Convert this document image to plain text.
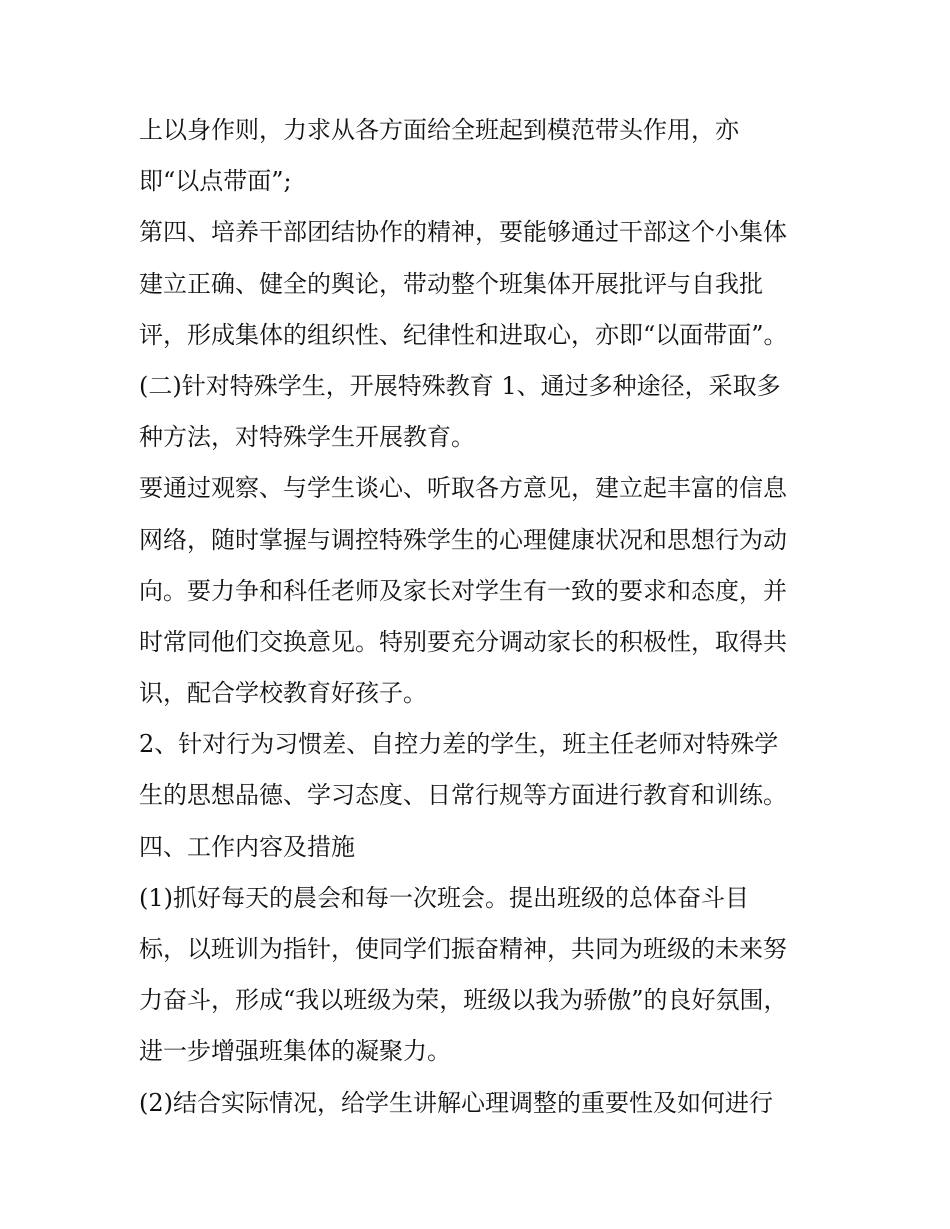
上以身作则，力求从各方面给全班起到模范带头作用，亦
即“以点带面”;
第四、培养干部团结协作的精神，要能够通过干部这个小集体
建立正确、健全的舆论，带动整个班集体开展批评与自我批
评，形成集体的组织性、纪律性和进取心，亦即“以面带面”。
(二)针对特殊学生，开展特殊教育 1、通过多种途径，采取多
种方法，对特殊学生开展教育。
要通过观察、与学生谈心、听取各方意见，建立起丰富的信息
网络，随时掌握与调控特殊学生的心理健康状况和思想行为动
向。要力争和科任老师及家长对学生有一致的要求和态度，并
时常同他们交换意见。特别要充分调动家长的积极性，取得共
识，配合学校教育好孩子。
2、针对行为习惯差、自控力差的学生，班主任老师对特殊学
生的思想品德、学习态度、日常行规等方面进行教育和训练。
四、工作内容及措施
(1)抓好每天的晨会和每一次班会。提出班级的总体奋斗目
标，以班训为指针，使同学们振奋精神，共同为班级的未来努
力奋斗，形成“我以班级为荣，班级以我为骄傲”的良好氛围，
进一步增强班集体的凝聚力。
(2)结合实际情况，给学生讲解心理调整的重要性及如何进行
